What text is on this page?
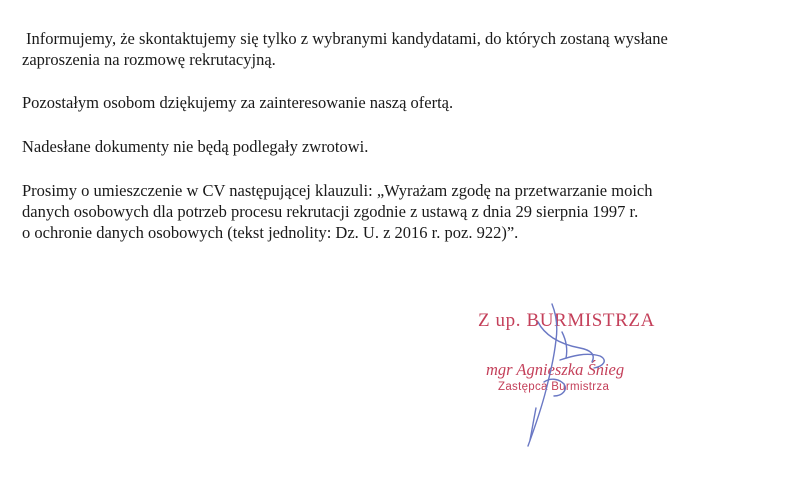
Informujemy, że skontaktujemy się tylko z wybranymi kandydatami, do których zostaną wysłane
zaproszenia na rozmowę rekrutacyjną.

Pozostałym osobom dziękujemy za zainteresowanie naszą ofertą.

Nadesłane dokumenty nie będą podlegały zwrotowi.

Prosimy o umieszczenie w CV następującej klauzuli: „Wyrażam zgodę na przetwarzanie moich
danych osobowych dla potrzeb procesu rekrutacji zgodnie z ustawą z dnia 29 sierpnia 1997 r.
o ochronie danych osobowych (tekst jednolity: Dz. U. z 2016 r. poz. 922)”.

Z up. BURMISTRZA
mgr Agnieszka Śnieg
Zastępca Burmistrza
